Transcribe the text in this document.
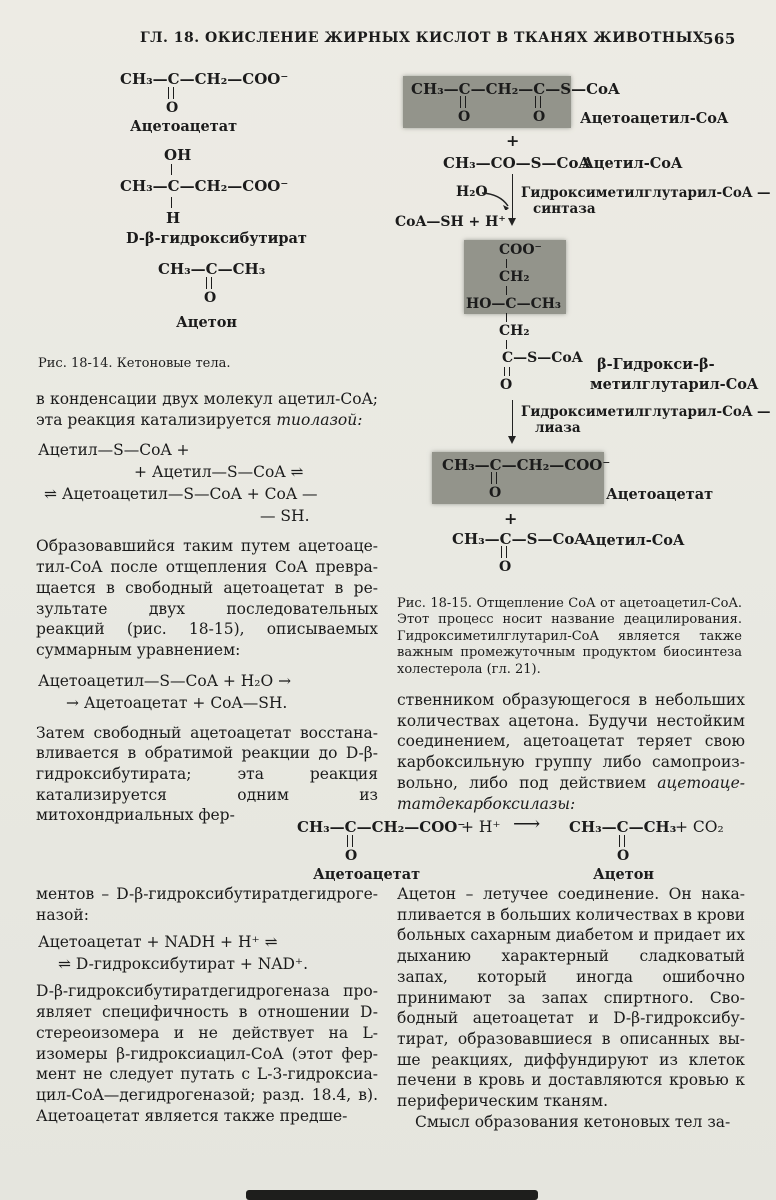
ГЛ. 18. ОКИСЛЕНИЕ ЖИРНЫХ КИСЛОТ В ТКАНЯХ ЖИВОТНЫХ
565
CH₃—C—CH₂—COO⁻
O
Ацетоацетат
OH
CH₃—C—CH₂—COO⁻
H
D-β-гидроксибутират
CH₃—C—CH₃
O
Ацетон
Рис. 18-14. Кетоновые тела.
CH₃—C—CH₂—C—S—CoA
O	O Ацетоацетил-CoA
+
CH₃—CO—S—CoA
Ацетил-CoA
H₂O Гидроксиметилглутарил-CoA —
синтаза
CoA—SH + H⁺
COO⁻
CH₂
HO—C—CH₃
CH₂
C—S—CoA
O
β-Гидрокси-β-
метилглутарил-CoA
Гидроксиметилглутарил-CoA —
лиаза
CH₃—C—CH₂—COO⁻
O	Ацетоацетат
+
CH₃—C—S—CoA
O
Ацетил-CoA
Рис. 18-15. Отщепление CoA от ацетоацетил-CoA. Этот процесс носит название деацилирования. Гидроксиметилглутарил-CoA является также важным промежуточным продуктом биосинтеза холестерола (гл. 21).
в конденсации двух молекул ацетил-CoA; эта реакция катализируется тиолазой:
Ацетил—S—CoA +
+ Ацетил—S—CoA ⇌
⇌ Ацетоацетил—S—CoA + CoA —
— SH.
Образовавшийся таким путем ацетоацетил-CoA после отщепления CoA превращается в свободный ацетоацетат в результате двух последовательных реакций (рис. 18-15), описываемых суммарным уравнением:
Ацетоацетил—S—CoA + H₂O →
→ Ацетоацетат + CoA—SH.
Затем свободный ацетоацетат восстанавливается в обратимой реакции до D-β-гидроксибутирата; эта реакция катализируется одним из митохондриальных фер-
ментов – D-β-гидроксибутиратдегидрогеназой:
Ацетоацетат + NADH + H⁺ ⇌
⇌ D-гидроксибутират + NAD⁺.
D-β-гидроксибутиратдегидрогеназа проявляет специфичность в отношении D-стереоизомера и не действует на L-изомеры β-гидроксиацил-CoA (этот фермент не следует путать с L-3-гидроксиацил-CoA—дегидрогеназой; разд. 18.4, в). Ацетоацетат является также предше-
ственником образующегося в небольших количествах ацетона. Будучи нестойким соединением, ацетоацетат теряет свою карбоксильную группу либо самопроизвольно, либо под действием ацетоацетатдекарбоксилазы:
CH₃—C—CH₂—COO⁻
O
+ H⁺ ⟶ CH₃—C—CH₃
O
+ CO₂
Ацетоацетат	Ацетон
Ацетон – летучее соединение. Он накапливается в больших количествах в крови больных сахарным диабетом и придает их дыханию характерный сладковатый запах, который иногда ошибочно принимают за запах спиртного. Свободный ацетоацетат и D-β-гидроксибутират, образовавшиеся в описанных выше реакциях, диффундируют из клеток печени в кровь и доставляются кровью к периферическим тканям.
Смысл образования кетоновых тел за-
